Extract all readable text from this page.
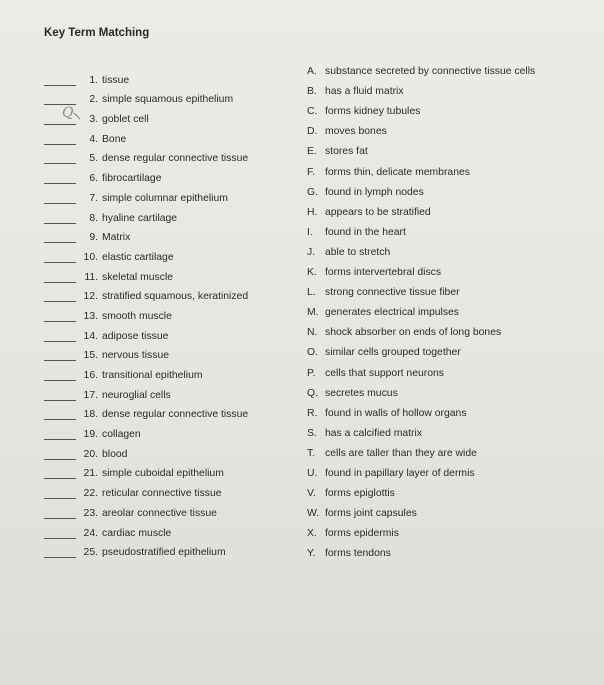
Key Term Matching
1. tissue
2. simple squamous epithelium
3. goblet cell
4. Bone
5. dense regular connective tissue
6. fibrocartilage
7. simple columnar epithelium
8. hyaline cartilage
9. Matrix
10. elastic cartilage
11. skeletal muscle
12. stratified squamous, keratinized
13. smooth muscle
14. adipose tissue
15. nervous tissue
16. transitional epithelium
17. neuroglial cells
18. dense regular connective tissue
19. collagen
20. blood
21. simple cuboidal epithelium
22. reticular connective tissue
23. areolar connective tissue
24. cardiac muscle
25. pseudostratified epithelium
A. substance secreted by connective tissue cells
B. has a fluid matrix
C. forms kidney tubules
D. moves bones
E. stores fat
F. forms thin, delicate membranes
G. found in lymph nodes
H. appears to be stratified
I.	found in the heart
J. able to stretch
K. forms intervertebral discs
L. strong connective tissue fiber
M. generates electrical impulses
N. shock absorber on ends of long bones
O. similar cells grouped together
P. cells that support neurons
Q. secretes mucus
R. found in walls of hollow organs
S. has a calcified matrix
T. cells are taller than they are wide
U. found in papillary layer of dermis
V. forms epiglottis
W. forms joint capsules
X. forms epidermis
Y. forms tendons
Q
